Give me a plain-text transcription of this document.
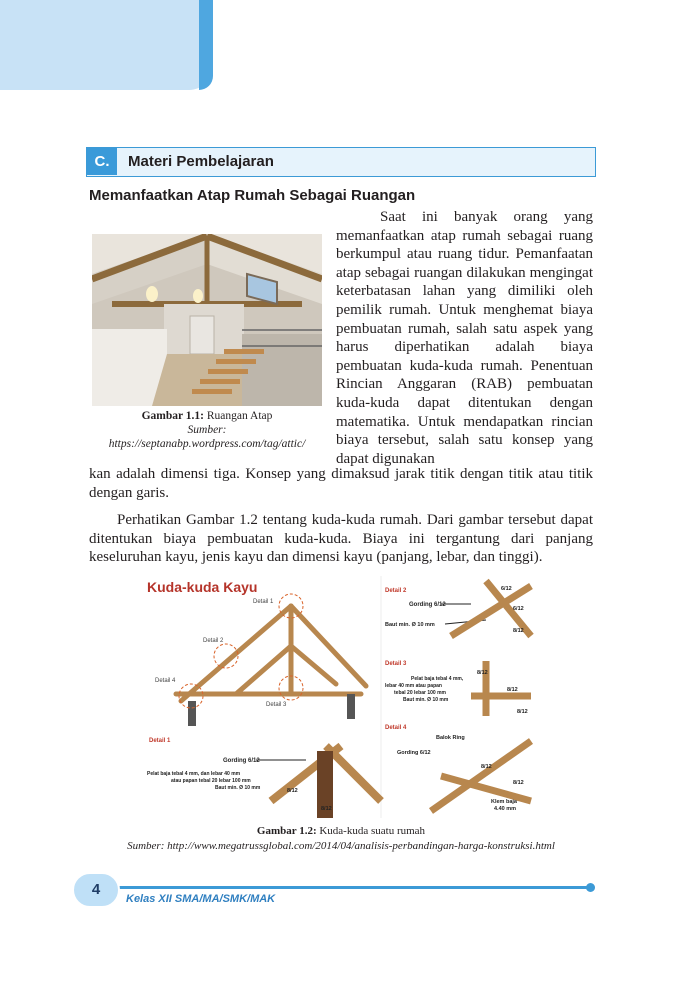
C.	Materi Pembelajaran
Memanfaatkan Atap Rumah Sebagai Ruangan
Gambar 1.1: Ruangan Atap
Sumber: https://septanabp.wordpress.com/tag/attic/

Saat ini banyak orang yang memanfaatkan atap rumah sebagai ruang berkumpul atau ruang tidur. Pemanfaatan atap sebagai ruangan dilakukan mengingat keterbatasan lahan yang dimiliki oleh pemilik rumah. Untuk menghemat biaya pembuatan rumah, salah satu aspek yang harus diperhatikan adalah biaya pembuatan kuda-kuda rumah. Penentuan Rincian Anggaran (RAB) pembuatan kuda-kuda dapat ditentukan dengan matematika. Untuk mendapatkan rincian biaya tersebut, salah satu konsep yang dapat digunakan

kan adalah dimensi tiga. Konsep yang dimaksud jarak titik dengan titik atau titik dengan garis.
Perhatikan Gambar 1.2 tentang kuda-kuda rumah. Dari gambar tersebut dapat ditentukan biaya pembuatan kuda-kuda. Biaya ini tergantung dari panjang keseluruhan kayu, jenis kayu dan dimensi kayu (panjang, lebar, dan tinggi).
Kuda-kuda Kayu
Detail 1
Detail 2
Detail 4
Detail 3
Detail 2
Gording 6/12
Baut min. Ø 10 mm
6/12
6/12
8/12
Detail 3
Pelat baja tebal 4 mm,
lebar 40 mm atau papan
tebal 20 lebar 100 mm
Baut min. Ø 10 mm
8/12
8/12
8/12
Detail 4
Balok Ring
Gording 6/12
8/12
8/12
Klem baja
4.40 mm
Detail 1
Gording 6/12
Pelat baja tebal 4 mm, dan lebar 40 mm
atau papan tebal 20 lebar 100 mm
Baut min. Ø 10 mm	8/12
8/12
Gambar 1.2: Kuda-kuda suatu rumah
Sumber: http://www.megatrussglobal.com/2014/04/analisis-perbandingan-harga-konstruksi.html
4
Kelas XII SMA/MA/SMK/MAK
